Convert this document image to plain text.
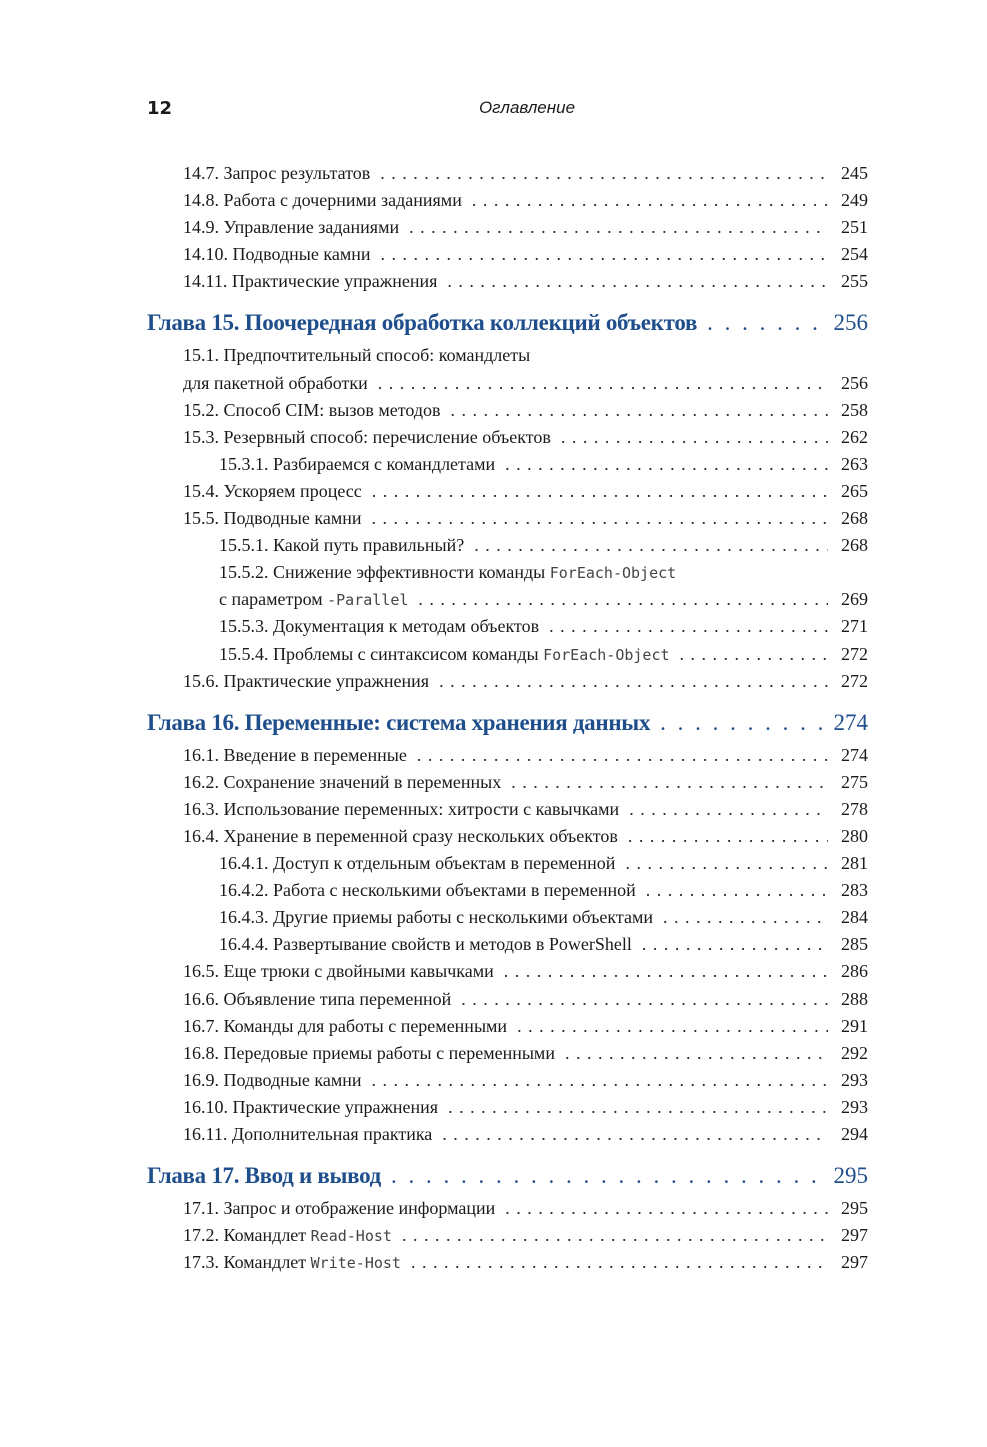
12	Оглавление
14.7. Запрос результатов . . .	245
14.8. Работа с дочерними заданиями . . .	249
14.9. Управление заданиями . . .	251
14.10. Подводные камни . . .	254
14.11. Практические упражнения . . .	255
Глава 15. Поочередная обработка коллекций объектов . . .	256
15.1. Предпочтительный способ: командлеты
для пакетной обработки . . .	256
15.2. Способ CIM: вызов методов . . .	258
15.3. Резервный способ: перечисление объектов . . .	262
15.3.1. Разбираемся с командлетами . . .	263
15.4. Ускоряем процесс . . .	265
15.5. Подводные камни . . .	268
15.5.1. Какой путь правильный? . . .	268
15.5.2. Снижение эффективности команды ForEach-Object
с параметром -Parallel . . .	269
15.5.3. Документация к методам объектов . . .	271
15.5.4. Проблемы с синтаксисом команды ForEach-Object . . .	272
15.6. Практические упражнения . . .	272
Глава 16. Переменные: система хранения данных . . .	274
16.1. Введение в переменные . . .	274
16.2. Сохранение значений в переменных . . .	275
16.3. Использование переменных: хитрости с кавычками . . .	278
16.4. Хранение в переменной сразу нескольких объектов . . .	280
16.4.1. Доступ к отдельным объектам в переменной . . .	281
16.4.2. Работа с несколькими объектами в переменной . . .	283
16.4.3. Другие приемы работы с несколькими объектами . . .	284
16.4.4. Развертывание свойств и методов в PowerShell . . .	285
16.5. Еще трюки с двойными кавычками . . .	286
16.6. Объявление типа переменной . . .	288
16.7. Команды для работы с переменными . . .	291
16.8. Передовые приемы работы с переменными . . .	292
16.9. Подводные камни . . .	293
16.10. Практические упражнения . . .	293
16.11. Дополнительная практика . . .	294
Глава 17. Ввод и вывод . . .	295
17.1. Запрос и отображение информации . . .	295
17.2. Командлет Read-Host . . .	297
17.3. Командлет Write-Host . . .	297
